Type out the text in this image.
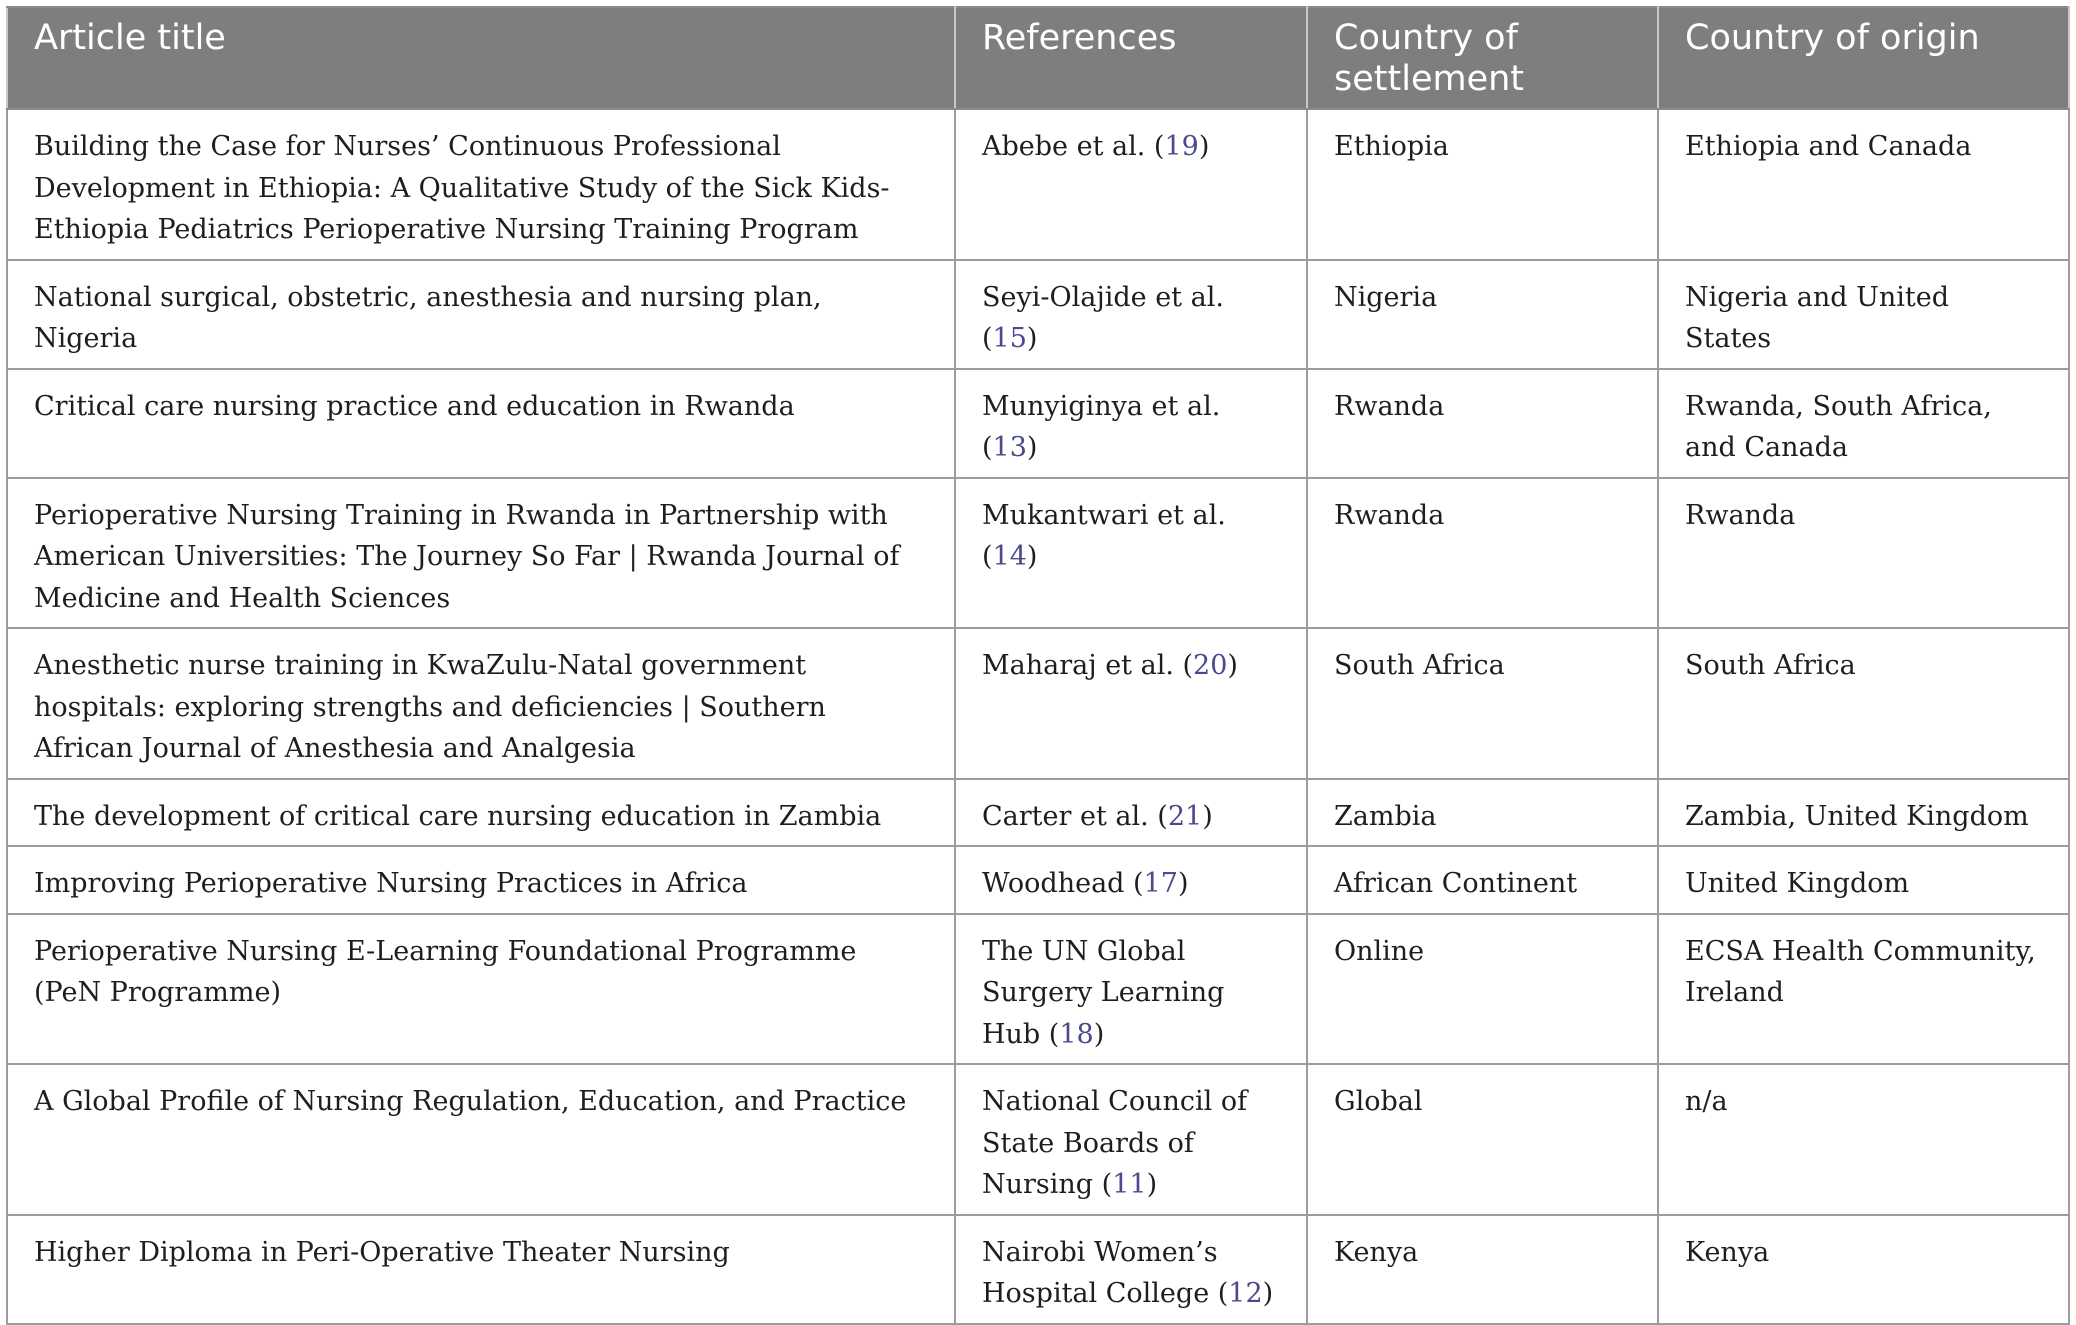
Article title	References	Country of settlement	Country of origin
Building the Case for Nurses’ Continuous Professional Development in Ethiopia: A Qualitative Study of the Sick Kids-Ethiopia Pediatrics Perioperative Nursing Training Program	Abebe et al. (19)	Ethiopia	Ethiopia and Canada
National surgical, obstetric, anesthesia and nursing plan, Nigeria	Seyi-Olajide et al. (15)	Nigeria	Nigeria and United States
Critical care nursing practice and education in Rwanda	Munyiginya et al. (13)	Rwanda	Rwanda, South Africa, and Canada
Perioperative Nursing Training in Rwanda in Partnership with American Universities: The Journey So Far | Rwanda Journal of Medicine and Health Sciences	Mukantwari et al. (14)	Rwanda	Rwanda
Anesthetic nurse training in KwaZulu-Natal government hospitals: exploring strengths and deficiencies | Southern African Journal of Anesthesia and Analgesia	Maharaj et al. (20)	South Africa	South Africa
The development of critical care nursing education in Zambia	Carter et al. (21)	Zambia	Zambia, United Kingdom
Improving Perioperative Nursing Practices in Africa	Woodhead (17)	African Continent	United Kingdom
Perioperative Nursing E-Learning Foundational Programme (PeN Programme)	The UN Global Surgery Learning Hub (18)	Online	ECSA Health Community, Ireland
A Global Profile of Nursing Regulation, Education, and Practice	National Council of State Boards of Nursing (11)	Global	n/a
Higher Diploma in Peri-Operative Theater Nursing	Nairobi Women’s Hospital College (12)	Kenya	Kenya
